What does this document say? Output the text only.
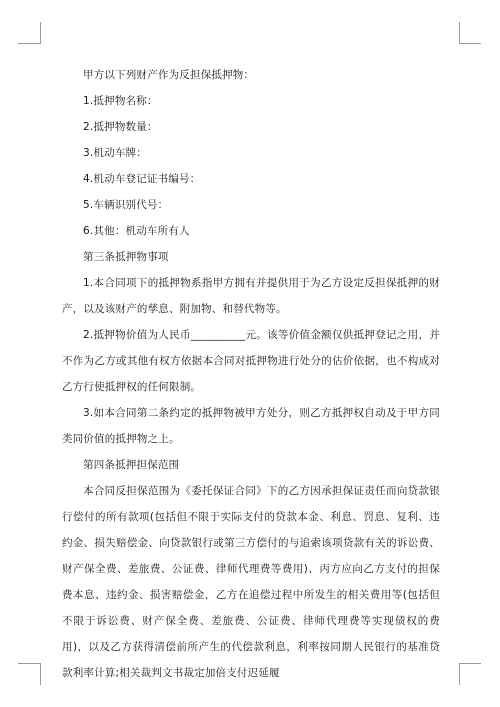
甲方以下列财产作为反担保抵押物：

1.抵押物名称：

2.抵押物数量：

3.机动车牌：

4.机动车登记证书编号：

5.车辆识别代号：

6.其他：机动车所有人

第三条抵押物事项

1.本合同项下的抵押物系指甲方拥有并提供用于为乙方设定反担保抵押的财产，以及该财产的孳息、附加物、和替代物等。

2.抵押物价值为人民币__________元。该等价值金额仅供抵押登记之用，并不作为乙方或其他有权方依据本合同对抵押物进行处分的估价依据，也不构成对乙方行使抵押权的任何限制。

3.如本合同第二条约定的抵押物被甲方处分，则乙方抵押权自动及于甲方同类同价值的抵押物之上。

第四条抵押担保范围

本合同反担保范围为《委托保证合同》下的乙方因承担保证责任而向贷款银行偿付的所有款项(包括但不限于实际支付的贷款本金、利息、罚息、复利、违约金、损失赔偿金、向贷款银行或第三方偿付的与追索该项贷款有关的诉讼费、财产保全费、差旅费、公证费、律师代理费等费用)、丙方应向乙方支付的担保费本息、违约金、损害赔偿金，乙方在追偿过程中所发生的相关费用等(包括但不限于诉讼费、财产保全费、差旅费、公证费、律师代理费等实现债权的费用)，以及乙方获得清偿前所产生的代偿款利息，利率按同期人民银行的基准贷款利率计算;相关裁判文书裁定加倍支付迟延履
